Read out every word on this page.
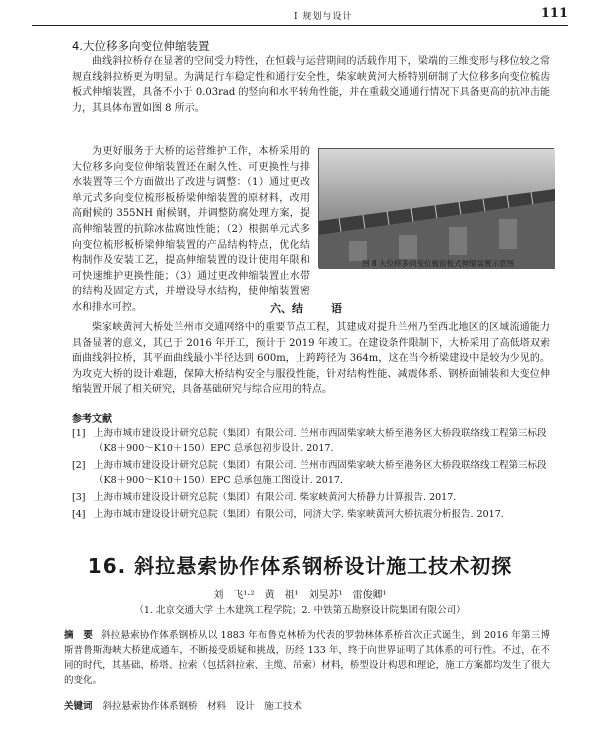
Ⅰ 规划与设计	111
4.大位移多向变位伸缩装置

曲线斜拉桥存在显著的空间受力特性，在恒载与运营期间的活载作用下，梁端的三维变形与移位较之常规直线斜拉桥更为明显。为满足行车稳定性和通行安全性，柴家峡黄河大桥特别研制了大位移多向变位梳齿板式伸缩装置，具备不小于 0.03rad 的竖向和水平转角性能，并在重载交通通行情况下具备更高的抗冲击能力，其具体布置如图 8 所示。

为更好服务于大桥的运营维护工作，本桥采用的大位移多向变位伸缩装置还在耐久性、可更换性与排水装置等三个方面做出了改进与调整：（1）通过更改单元式多向变位梳形板桥梁伸缩装置的原材料，改用高耐候的 355NH 耐候钢，并调整防腐处理方案，提高伸缩装置的抗除冰盐腐蚀性能；（2）根据单元式多向变位梳形板桥梁伸缩装置的产品结构特点，优化结构制作及安装工艺，提高伸缩装置的设计使用年限和可快速维护更换性能；（3）通过更改伸缩装置止水带的结构及固定方式，并增设导水结构，使伸缩装置密水和排水可控。

图 8 大位移多向变位梳齿板式伸缩装置示意图
六、结	语

柴家峡黄河大桥处兰州市交通网络中的重要节点工程，其建成对提升兰州乃至西北地区的区域流通能力具备显著的意义，其已于 2016 年开工，预计于 2019 年竣工。在建设条件限制下，大桥采用了高低塔双索面曲线斜拉桥，其平面曲线最小半径达到 600m，上跨跨径为 364m，这在当今桥梁建设中是较为少见的。为攻克大桥的设计难题，保障大桥结构安全与服役性能，针对结构性能、减震体系、钢桥面铺装和大变位伸缩装置开展了相关研究，具备基础研究与综合应用的特点。

参考文献
[1] 上海市城市建设设计研究总院（集团）有限公司. 兰州市西固柴家峡大桥至港务区大桥段联络线工程第三标段（K8＋900～K10＋150）EPC 总承包初步设计. 2017.
[2] 上海市城市建设设计研究总院（集团）有限公司. 兰州市西固柴家峡大桥至港务区大桥段联络线工程第三标段（K8＋900～K10＋150）EPC 总承包施工图设计. 2017.
[3] 上海市城市建设设计研究总院（集团）有限公司. 柴家峡黄河大桥静力计算报告. 2017.
[4] 上海市城市建设设计研究总院（集团）有限公司，同济大学. 柴家峡黄河大桥抗震分析报告. 2017.
16. 斜拉悬索协作体系钢桥设计施工技术初探
刘　飞¹·²　黄　祖¹　刘昊苏¹　雷俊卿¹
（1. 北京交通大学 土木建筑工程学院；2. 中铁第五勘察设计院集团有限公司）
摘　要 斜拉悬索协作体系钢桥从以 1883 年布鲁克林桥为代表的罗勃林体系桥首次正式诞生，到 2016 年第三博斯普鲁斯海峡大桥建成通车，不断接受质疑和挑战，历经 133 年，终于向世界证明了其体系的可行性。不过，在不同的时代，其基础、桥塔、拉索（包括斜拉索、主缆、吊索）材料，桥型设计构思和理论，施工方案都均发生了很大的变化。
关键词 斜拉悬索协作体系钢桥　材料　设计　施工技术
